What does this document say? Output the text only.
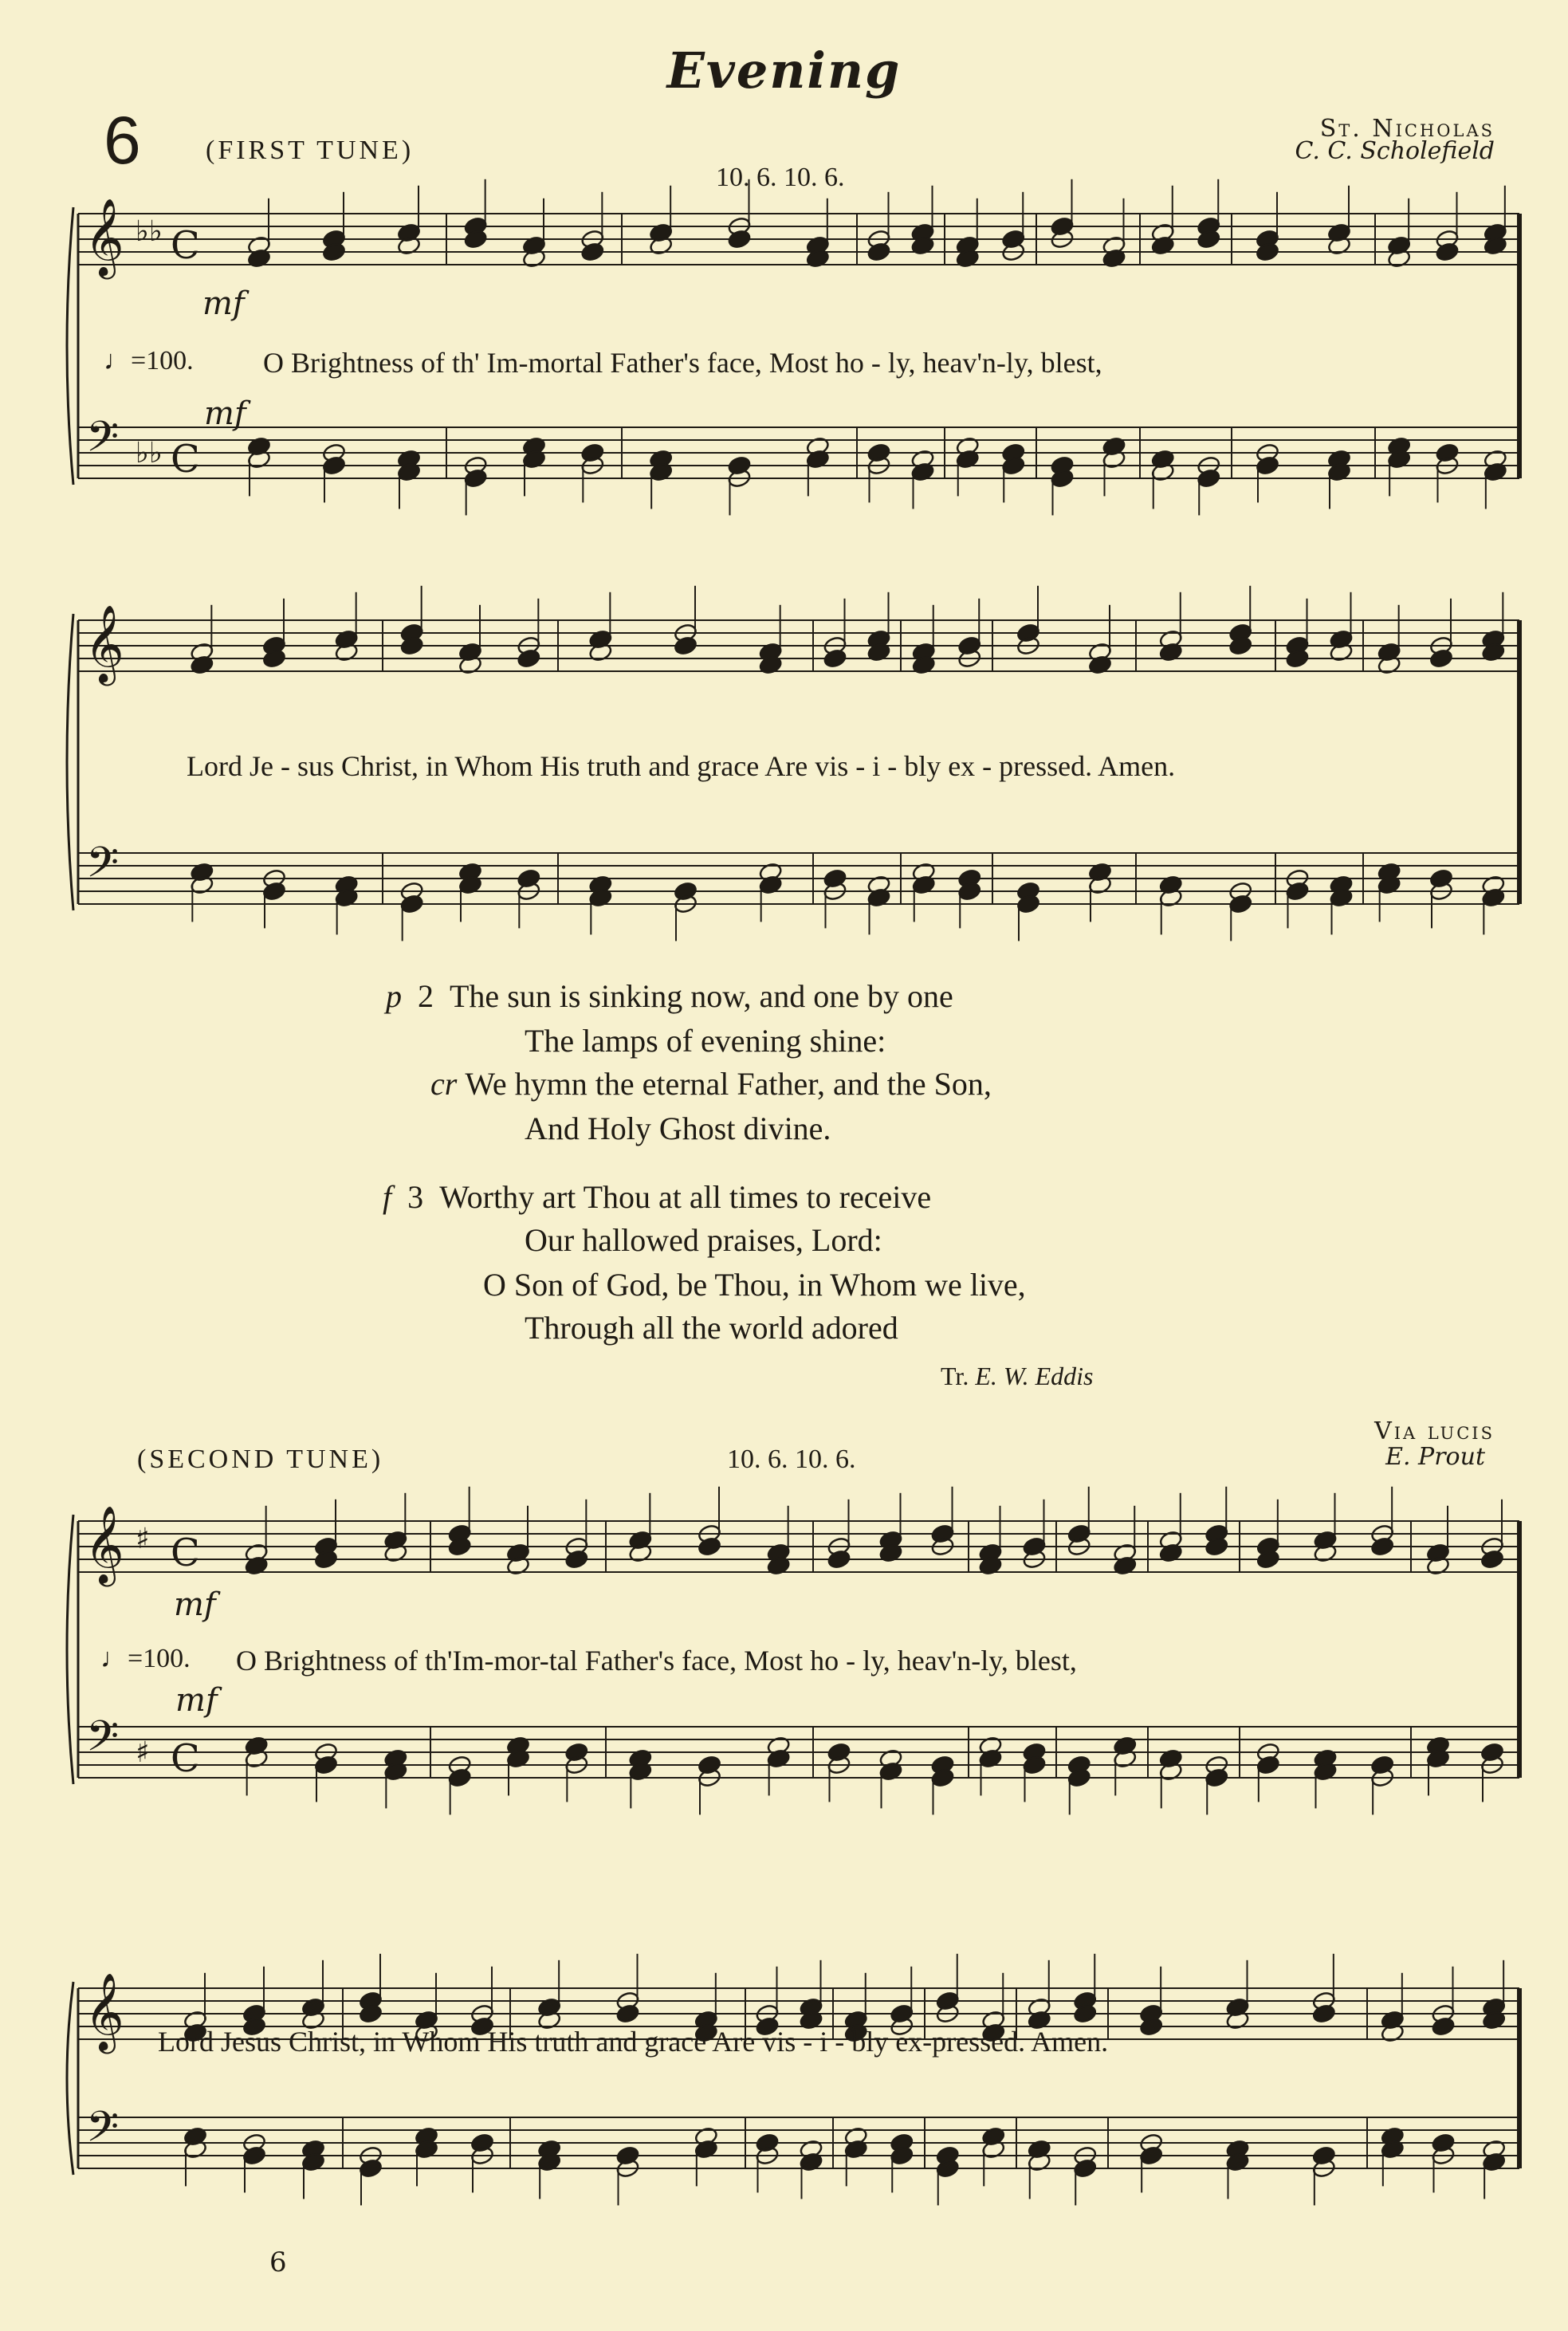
Evening
6 (FIRST TUNE)
10. 6. 10. 6.
St. Nicholas
C. C. Scholefield
𝄞
𝄢
♭♭
♭♭
C
C
𝄞
𝄢
𝄞
𝄢
♯
♯
C
C
𝄞
𝄢
mf
♩=100. O Brightness of th' Im-mortal Father's face, Most ho - ly, heav'n-ly, blest,
mf
Lord Je - sus Christ, in Whom His truth and grace Are vis - i - bly ex - pressed. Amen.
p 2 The sun is sinking now, and one by one
The lamps of evening shine:
cr We hymn the eternal Father, and the Son,
And Holy Ghost divine.
f 3 Worthy art Thou at all times to receive
Our hallowed praises, Lord:
O Son of God, be Thou, in Whom we live,
Through all the world adored
Tr. E. W. Eddis
(SECOND TUNE)	10. 6. 10. 6.
Via lucis
E. Prout
mf
♩=100. O Brightness of th'Im-mor-tal Father's face, Most ho - ly, heav'n-ly, blest,
mf
Lord Jesus Christ, in Whom His truth and grace Are vis - i - bly ex-pressed. Amen.
6
